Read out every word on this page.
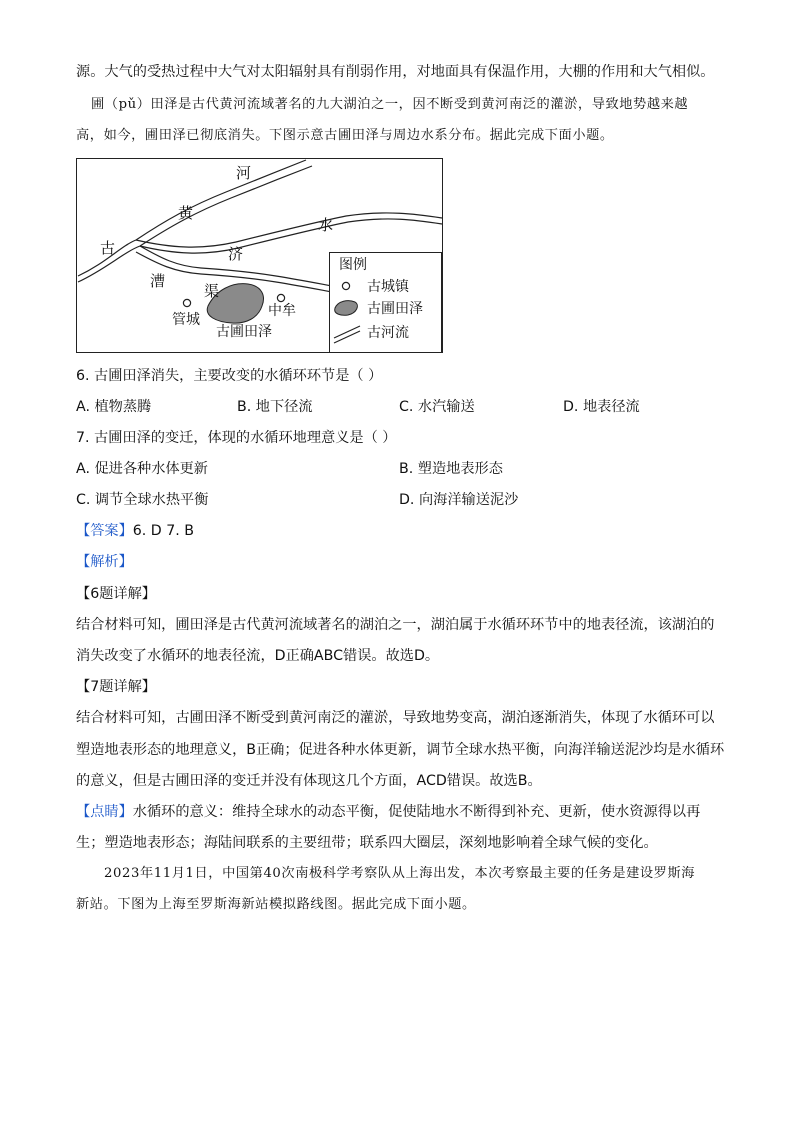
源。大气的受热过程中大气对太阳辐射具有削弱作用，对地面具有保温作用，大棚的作用和大气相似。
圃（pǔ）田泽是古代黄河流域著名的九大湖泊之一，因不断受到黄河南泛的灌淤，导致地势越来越
高，如今，圃田泽已彻底消失。下图示意古圃田泽与周边水系分布。据此完成下面小题。
河
黄
古
水
济
漕
渠
管城
中牟
古圃田泽
图例
古城镇
古圃田泽
古河流
6. 古圃田泽消失，主要改变的水循环环节是（ ）
A. 植物蒸腾	B. 地下径流	C. 水汽输送	D. 地表径流
7. 古圃田泽的变迁，体现的水循环地理意义是（ ）
A. 促进各种水体更新	B. 塑造地表形态
C. 调节全球水热平衡	D. 向海洋输送泥沙
【答案】6. D 7. B
【解析】
【6题详解】
结合材料可知，圃田泽是古代黄河流域著名的湖泊之一，湖泊属于水循环环节中的地表径流，该湖泊的
消失改变了水循环的地表径流，D正确ABC错误。故选D。
【7题详解】
结合材料可知，古圃田泽不断受到黄河南泛的灌淤，导致地势变高，湖泊逐渐消失，体现了水循环可以
塑造地表形态的地理意义，B正确；促进各种水体更新，调节全球水热平衡，向海洋输送泥沙均是水循环
的意义，但是古圃田泽的变迁并没有体现这几个方面，ACD错误。故选B。
【点睛】水循环的意义：维持全球水的动态平衡，促使陆地水不断得到补充、更新，使水资源得以再
生；塑造地表形态；海陆间联系的主要纽带；联系四大圈层，深刻地影响着全球气候的变化。
2023年11月1日，中国第40次南极科学考察队从上海出发，本次考察最主要的任务是建设罗斯海
新站。下图为上海至罗斯海新站模拟路线图。据此完成下面小题。
